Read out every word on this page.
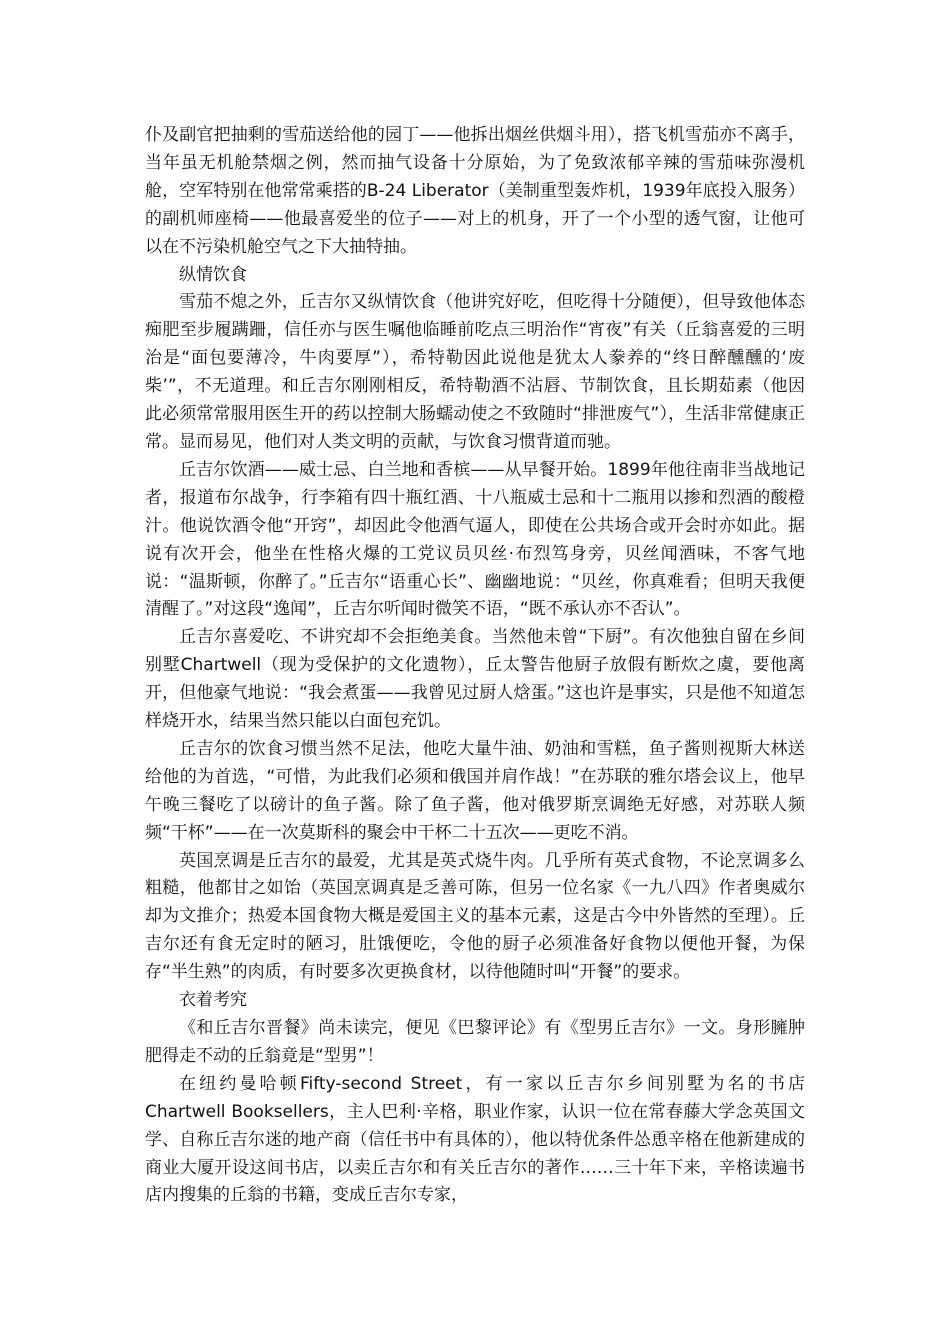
仆及副官把抽剩的雪茄送给他的园丁——他拆出烟丝供烟斗用），搭飞机雪茄亦不离手，当年虽无机舱禁烟之例，然而抽气设备十分原始，为了免致浓郁辛辣的雪茄味弥漫机舱，空军特别在他常常乘搭的B-24 Liberator（美制重型轰炸机，1939年底投入服务）的副机师座椅——他最喜爱坐的位子——对上的机身，开了一个小型的透气窗，让他可以在不污染机舱空气之下大抽特抽。

纵情饮食

雪茄不熄之外，丘吉尔又纵情饮食（他讲究好吃，但吃得十分随便），但导致他体态痴肥至步履蹒跚，信任亦与医生嘱他临睡前吃点三明治作“宵夜”有关（丘翁喜爱的三明治是“面包要薄冷，牛肉要厚”），希特勒因此说他是犹太人豢养的“终日醉醺醺的‘废柴’”，不无道理。和丘吉尔刚刚相反，希特勒酒不沾唇、节制饮食，且长期茹素（他因此必须常常服用医生开的药以控制大肠蠕动使之不致随时“排泄废气”），生活非常健康正常。显而易见，他们对人类文明的贡献，与饮食习惯背道而驰。

丘吉尔饮酒——威士忌、白兰地和香槟——从早餐开始。1899年他往南非当战地记者，报道布尔战争，行李箱有四十瓶红酒、十八瓶威士忌和十二瓶用以掺和烈酒的酸橙汁。他说饮酒令他“开窍”，却因此令他酒气逼人，即使在公共场合或开会时亦如此。据说有次开会，他坐在性格火爆的工党议员贝丝·布烈笃身旁，贝丝闻酒味，不客气地说：“温斯顿，你醉了。”丘吉尔“语重心长”、幽幽地说：“贝丝，你真难看；但明天我便清醒了。”对这段“逸闻”，丘吉尔听闻时微笑不语，“既不承认亦不否认”。

丘吉尔喜爱吃、不讲究却不会拒绝美食。当然他未曾“下厨”。有次他独自留在乡间别墅Chartwell（现为受保护的文化遗物），丘太警告他厨子放假有断炊之虞，要他离开，但他豪气地说：“我会煮蛋——我曾见过厨人焓蛋。”这也许是事实，只是他不知道怎样烧开水，结果当然只能以白面包充饥。

丘吉尔的饮食习惯当然不足法，他吃大量牛油、奶油和雪糕，鱼子酱则视斯大林送给他的为首选，“可惜，为此我们必须和俄国并肩作战！”在苏联的雅尔塔会议上，他早午晚三餐吃了以磅计的鱼子酱。除了鱼子酱，他对俄罗斯烹调绝无好感，对苏联人频频“干杯”——在一次莫斯科的聚会中干杯二十五次——更吃不消。

英国烹调是丘吉尔的最爱，尤其是英式烧牛肉。几乎所有英式食物，不论烹调多么粗糙，他都甘之如饴（英国烹调真是乏善可陈，但另一位名家《一九八四》作者奥威尔却为文推介；热爱本国食物大概是爱国主义的基本元素，这是古今中外皆然的至理）。丘吉尔还有食无定时的陋习，肚饿便吃，令他的厨子必须准备好食物以便他开餐，为保存“半生熟”的肉质，有时要多次更换食材，以待他随时叫“开餐”的要求。

衣着考究

《和丘吉尔晋餐》尚未读完，便见《巴黎评论》有《型男丘吉尔》一文。身形臃肿肥得走不动的丘翁竟是“型男”！

在纽约曼哈顿Fifty-second Street，有一家以丘吉尔乡间别墅为名的书店Chartwell Booksellers，主人巴利·辛格，职业作家，认识一位在常春藤大学念英国文学、自称丘吉尔迷的地产商（信任书中有具体的），他以特优条件怂恿辛格在他新建成的商业大厦开设这间书店，以卖丘吉尔和有关丘吉尔的著作……三十年下来，辛格读遍书店内搜集的丘翁的书籍，变成丘吉尔专家，
